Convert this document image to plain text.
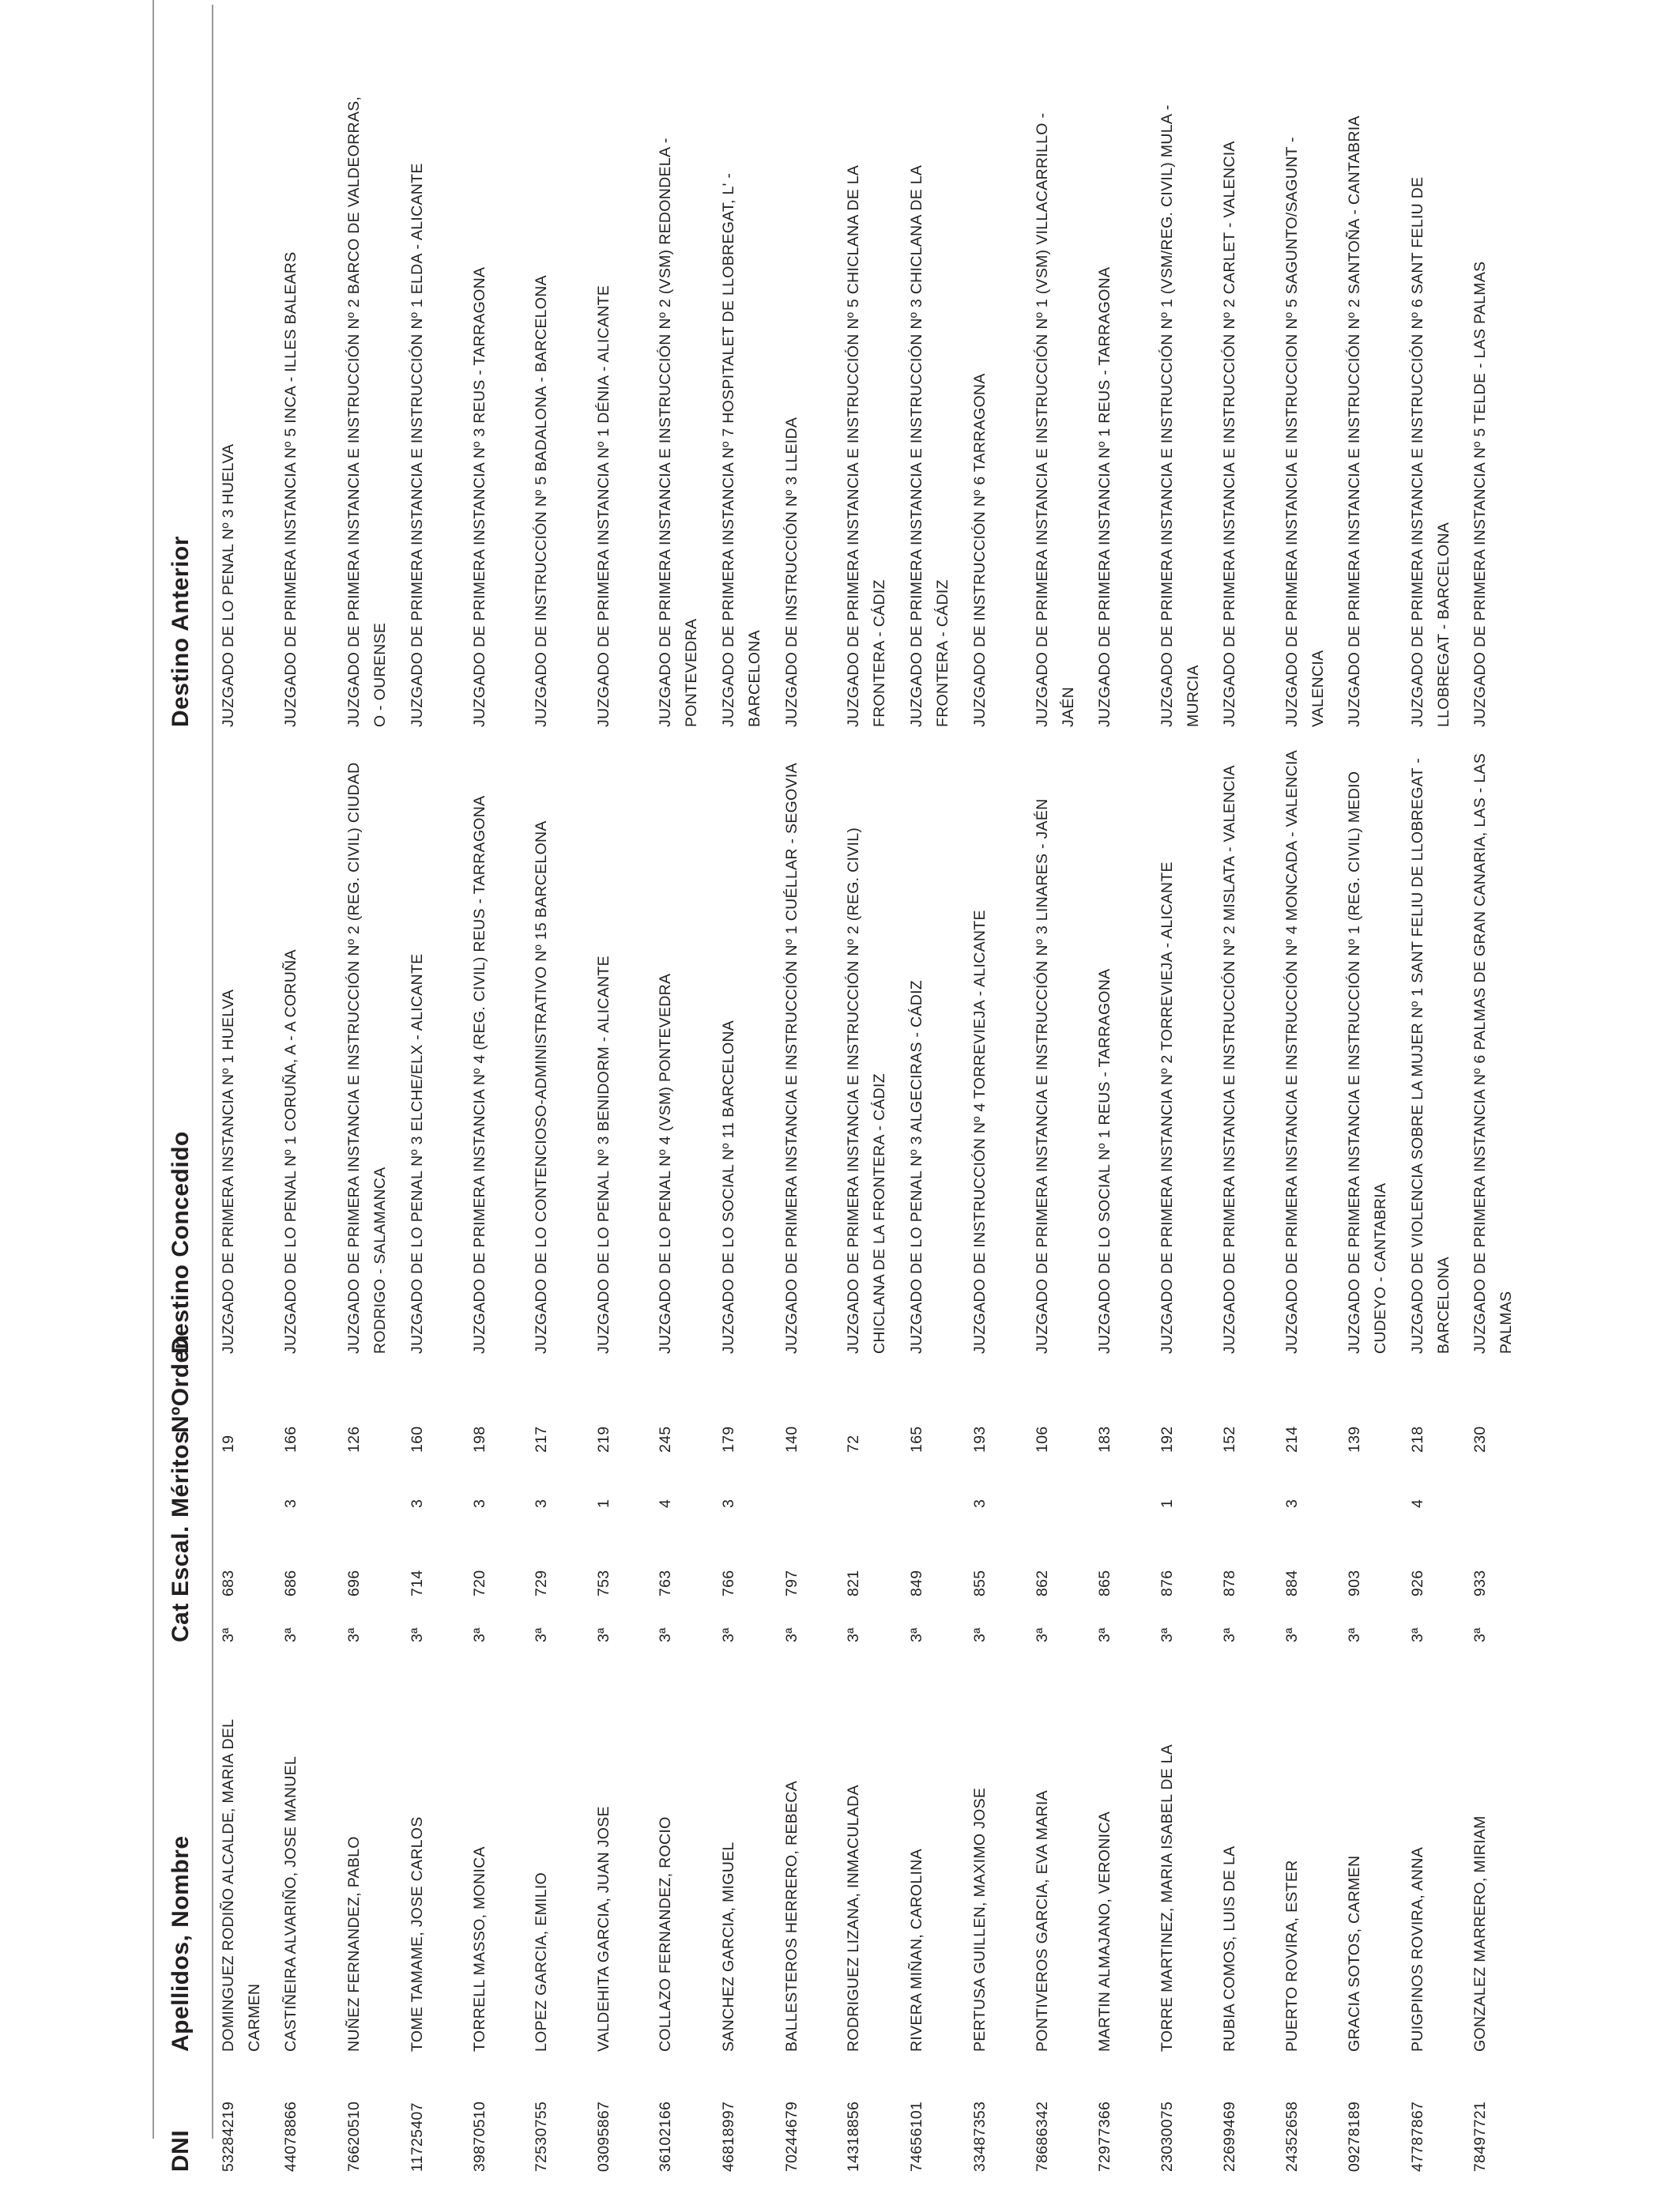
DNI
Apellidos, Nombre
Cat
Escal.
Méritos
NºOrden
Destino Concedido
Destino Anterior
53284219
DOMINGUEZ RODIÑO ALCALDE, MARIA DEL CARMEN
3ª
683
19
JUZGADO DE PRIMERA INSTANCIA Nº 1 HUELVA
JUZGADO DE LO PENAL Nº 3 HUELVA
44078866
CASTIÑEIRA ALVARIÑO, JOSE MANUEL
3ª
686
3
166
JUZGADO DE LO PENAL Nº 1 CORUÑA, A - A CORUÑA
JUZGADO DE PRIMERA INSTANCIA Nº 5 INCA - ILLES BALEARS
76620510
NUÑEZ FERNANDEZ, PABLO
3ª
696
126
JUZGADO DE PRIMERA INSTANCIA E INSTRUCCIÓN Nº 2 (REG. CIVIL) CIUDAD RODRIGO - SALAMANCA
JUZGADO DE PRIMERA INSTANCIA E INSTRUCCIÓN Nº 2 BARCO DE VALDEORRAS, O - OURENSE
11725407
TOME TAMAME, JOSE CARLOS
3ª
714
3
160
JUZGADO DE LO PENAL Nº 3 ELCHE/ELX - ALICANTE
JUZGADO DE PRIMERA INSTANCIA E INSTRUCCIÓN Nº 1 ELDA - ALICANTE
39870510
TORRELL MASSO, MONICA
3ª
720
3
198
JUZGADO DE PRIMERA INSTANCIA Nº 4 (REG. CIVIL) REUS - TARRAGONA
JUZGADO DE PRIMERA INSTANCIA Nº 3 REUS - TARRAGONA
72530755
LOPEZ GARCIA, EMILIO
3ª
729
3
217
JUZGADO DE LO CONTENCIOSO-ADMINISTRATIVO Nº 15 BARCELONA
JUZGADO DE INSTRUCCIÓN Nº 5 BADALONA - BARCELONA
03095867
VALDEHITA GARCIA, JUAN JOSE
3ª
753
1
219
JUZGADO DE LO PENAL Nº 3 BENIDORM - ALICANTE
JUZGADO DE PRIMERA INSTANCIA Nº 1 DÉNIA - ALICANTE
36102166
COLLAZO FERNANDEZ, ROCIO
3ª
763
4
245
JUZGADO DE LO PENAL Nº 4 (VSM) PONTEVEDRA
JUZGADO DE PRIMERA INSTANCIA E INSTRUCCIÓN Nº 2 (VSM) REDONDELA - PONTEVEDRA
46818997
SANCHEZ GARCIA, MIGUEL
3ª
766
3
179
JUZGADO DE LO SOCIAL Nº 11 BARCELONA
JUZGADO DE PRIMERA INSTANCIA Nº 7 HOSPITALET DE LLOBREGAT, L' - BARCELONA
70244679
BALLESTEROS HERRERO, REBECA
3ª
797
140
JUZGADO DE PRIMERA INSTANCIA E INSTRUCCIÓN Nº 1 CUÉLLAR - SEGOVIA
JUZGADO DE INSTRUCCIÓN Nº 3 LLEIDA
14318856
RODRIGUEZ LIZANA, INMACULADA
3ª
821
72
JUZGADO DE PRIMERA INSTANCIA E INSTRUCCIÓN Nº 2 (REG. CIVIL) CHICLANA DE LA FRONTERA - CÁDIZ
JUZGADO DE PRIMERA INSTANCIA E INSTRUCCIÓN Nº 5 CHICLANA DE LA FRONTERA - CÁDIZ
74656101
RIVERA MIÑAN, CAROLINA
3ª
849
165
JUZGADO DE LO PENAL Nº 3 ALGECIRAS - CÁDIZ
JUZGADO DE PRIMERA INSTANCIA E INSTRUCCIÓN Nº 3 CHICLANA DE LA FRONTERA - CÁDIZ
33487353
PERTUSA GUILLEN, MAXIMO JOSE
3ª
855
3
193
JUZGADO DE INSTRUCCIÓN Nº 4 TORREVIEJA - ALICANTE
JUZGADO DE INSTRUCCIÓN Nº 6 TARRAGONA
78686342
PONTIVEROS GARCIA, EVA MARIA
3ª
862
106
JUZGADO DE PRIMERA INSTANCIA E INSTRUCCIÓN Nº 3 LINARES - JAÉN
JUZGADO DE PRIMERA INSTANCIA E INSTRUCCIÓN Nº 1 (VSM) VILLACARRILLO - JAÉN
72977366
MARTIN ALMAJANO, VERONICA
3ª
865
183
JUZGADO DE LO SOCIAL Nº 1 REUS - TARRAGONA
JUZGADO DE PRIMERA INSTANCIA Nº 1 REUS - TARRAGONA
23030075
TORRE MARTINEZ, MARIA ISABEL DE LA
3ª
876
1
192
JUZGADO DE PRIMERA INSTANCIA Nº 2 TORREVIEJA - ALICANTE
JUZGADO DE PRIMERA INSTANCIA E INSTRUCCIÓN Nº 1 (VSM/REG. CIVIL) MULA - MURCIA
22699469
RUBIA COMOS, LUIS DE LA
3ª
878
152
JUZGADO DE PRIMERA INSTANCIA E INSTRUCCIÓN Nº 2 MISLATA - VALENCIA
JUZGADO DE PRIMERA INSTANCIA E INSTRUCCIÓN Nº 2 CARLET - VALENCIA
24352658
PUERTO ROVIRA, ESTER
3ª
884
3
214
JUZGADO DE PRIMERA INSTANCIA E INSTRUCCIÓN Nº 4 MONCADA - VALENCIA
JUZGADO DE PRIMERA INSTANCIA E INSTRUCCION Nº 5 SAGUNTO/SAGUNT - VALENCIA
09278189
GRACIA SOTOS, CARMEN
3ª
903
139
JUZGADO DE PRIMERA INSTANCIA E INSTRUCCIÓN Nº 1 (REG. CIVIL) MEDIO CUDEYO - CANTABRIA
JUZGADO DE PRIMERA INSTANCIA E INSTRUCCIÓN Nº 2 SANTOÑA - CANTABRIA
47787867
PUIGPINOS ROVIRA, ANNA
3ª
926
4
218
JUZGADO DE VIOLENCIA SOBRE LA MUJER Nº 1 SANT FELIU DE LLOBREGAT - BARCELONA
JUZGADO DE PRIMERA INSTANCIA E INSTRUCCIÓN Nº 6 SANT FELIU DE LLOBREGAT - BARCELONA
78497721
GONZALEZ MARRERO, MIRIAM
3ª
933
230
JUZGADO DE PRIMERA INSTANCIA Nº 6 PALMAS DE GRAN CANARIA, LAS - LAS PALMAS
JUZGADO DE PRIMERA INSTANCIA Nº 5 TELDE - LAS PALMAS
